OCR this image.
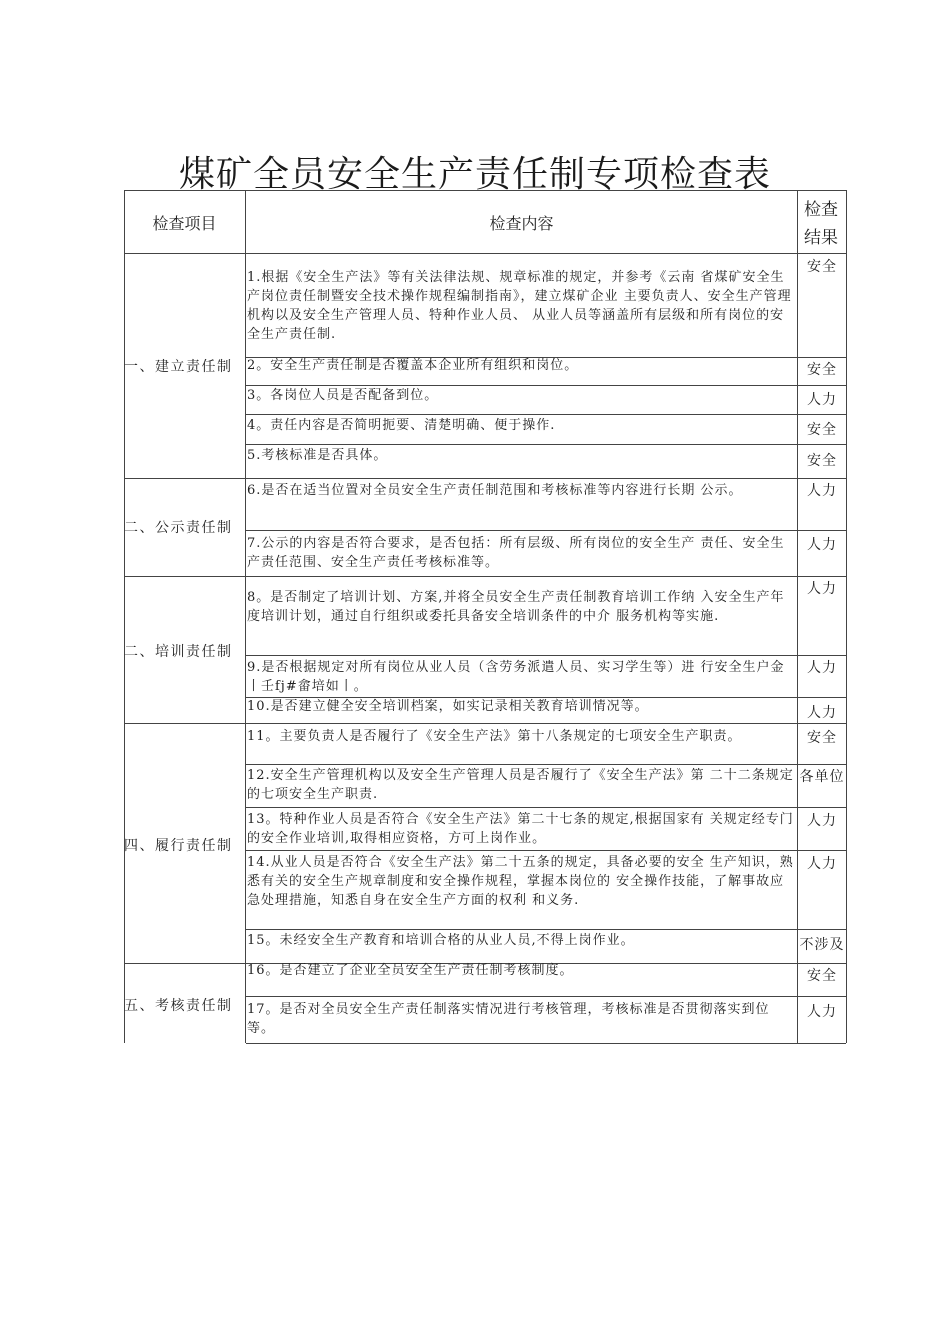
煤矿全员安全生产责任制专项检查表
检查项目	检查内容
检查结果
一、建立责任制
二、公示责任制
二、培训责任制
四、履行责任制
五、考核责任制
1.根据《安全生产法》等有关法律法规、规章标准的规定，并参考《云南 省煤矿安全生产岗位责任制暨安全技术操作规程编制指南》，建立煤矿企业 主要负责人、安全生产管理机构以及安全生产管理人员、特种作业人员、 从业人员等涵盖所有层级和所有岗位的安全生产责任制.
2。安全生产责任制是否覆盖本企业所有组织和岗位。
3。各岗位人员是否配备到位。
4。责任内容是否简明扼要、清楚明确、便于操作.
5.考核标准是否具体。
6.是否在适当位置对全员安全生产责任制范围和考核标准等内容进行长期 公示。
7.公示的内容是否符合要求，是否包括：所有层级、所有岗位的安全生产 责任、安全生产责任范围、安全生产责任考核标准等。
8。是否制定了培训计划、方案,并将全员安全生产责任制教育培训工作纳 入安全生产年度培训计划，通过自行组织或委托具备安全培训条件的中介 服务机构等实施.
9.是否根据规定对所有岗位从业人员（含劳务派遣人员、实习学生等）进 行安全生户金丨壬fj#畲培如丨。
10.是否建立健全安全培训档案，如实记录相关教育培训情况等。
11。主要负责人是否履行了《安全生产法》第十八条规定的七项安全生产职责。
12.安全生产管理机构以及安全生产管理人员是否履行了《安全生产法》第 二十二条规定的七项安全生产职责.
13。特种作业人员是否符合《安全生产法》第二十七条的规定,根据国家有 关规定经专门的安全作业培训,取得相应资格，方可上岗作业。
14.从业人员是否符合《安全生产法》第二十五条的规定，具备必要的安全 生产知识，熟悉有关的安全生产规章制度和安全操作规程，掌握本岗位的 安全操作技能，了解事故应急处理措施，知悉自身在安全生产方面的权利 和义务.
15。未经安全生产教育和培训合格的从业人员,不得上岗作业。
16。是否建立了企业全员安全生产责任制考核制度。
17。是否对全员安全生产责任制落实情况进行考核管理，考核标准是否贯彻落实到位等。
安全
安全
人力
安全
安全
人力
人力
人力
人力
人力
安全
各单位
人力
人力
不涉及
安全
人力
